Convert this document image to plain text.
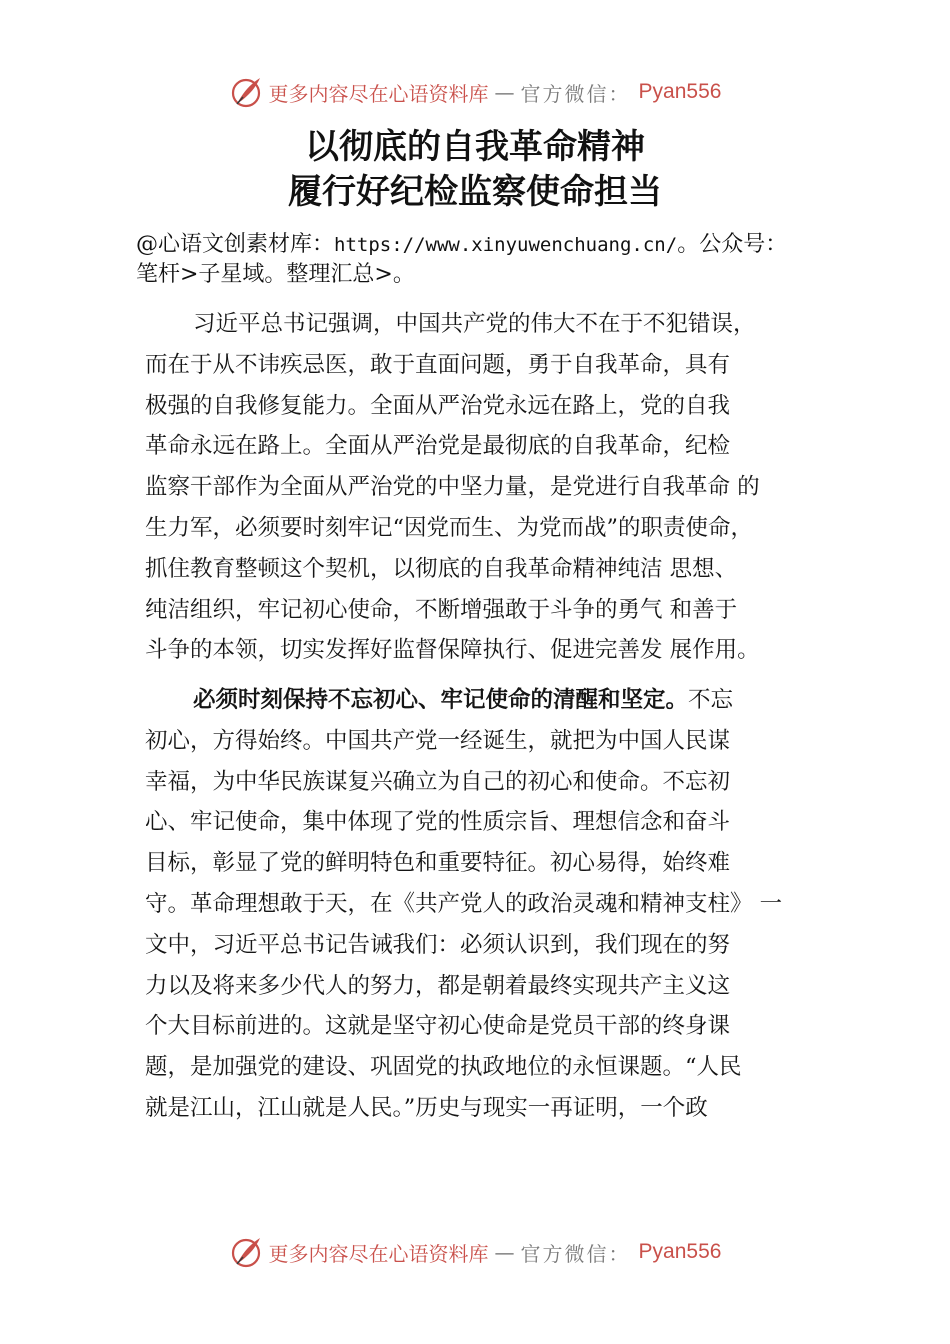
更多内容尽在心语资料库 — 官方微信： Pyan556
以彻底的自我革命精神
履行好纪检监察使命担当

@心语文创素材库：https://www.xinyuwenchuang.cn/。公众号：
笔杆>子星域。整理汇总>。

习近平总书记强调，中国共产党的伟大不在于不犯错误，
而在于从不讳疾忌医，敢于直面问题，勇于自我革命，具有
极强的自我修复能力。全面从严治党永远在路上，党的自我
革命永远在路上。全面从严治党是最彻底的自我革命，纪检
监察干部作为全面从严治党的中坚力量，是党进行自我革命 的
生力军，必须要时刻牢记“因党而生、为党而战”的职责使命，
抓住教育整顿这个契机，以彻底的自我革命精神纯洁 思想、
纯洁组织，牢记初心使命，不断增强敢于斗争的勇气 和善于
斗争的本领，切实发挥好监督保障执行、促进完善发 展作用。
必须时刻保持不忘初心、牢记使命的清醒和坚定。不忘
初心，方得始终。中国共产党一经诞生，就把为中国人民谋
幸福，为中华民族谋复兴确立为自己的初心和使命。不忘初
心、牢记使命，集中体现了党的性质宗旨、理想信念和奋斗
目标，彰显了党的鲜明特色和重要特征。初心易得，始终难
守。革命理想敢于天，在《共产党人的政治灵魂和精神支柱》 一
文中，习近平总书记告诫我们：必须认识到，我们现在的努
力以及将来多少代人的努力，都是朝着最终实现共产主义这
个大目标前进的。这就是坚守初心使命是党员干部的终身课
题，是加强党的建设、巩固党的执政地位的永恒课题。“人民
就是江山，江山就是人民。”历史与现实一再证明，一个政
更多内容尽在心语资料库 — 官方微信： Pyan556
